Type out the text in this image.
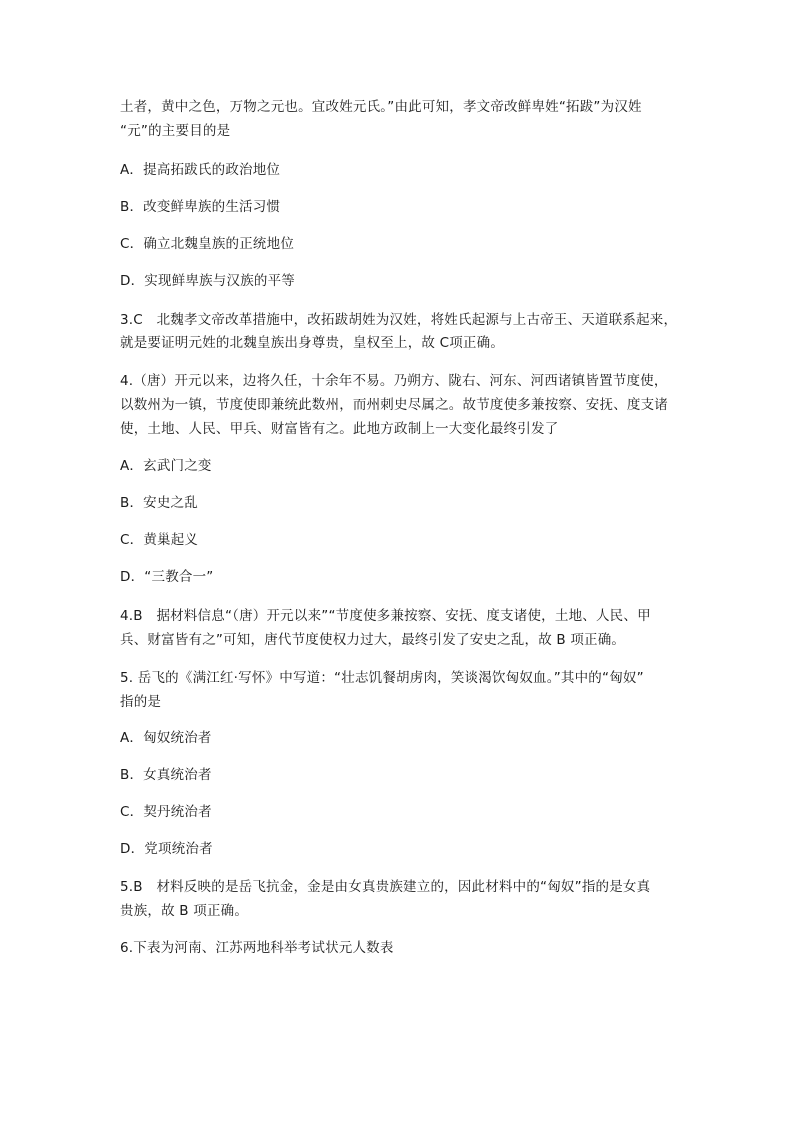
土者，黄中之色，万物之元也。宜改姓元氏。”由此可知，孝文帝改鲜卑姓“拓跋”为汉姓
“元”的主要目的是
A．提高拓跋氏的政治地位
B．改变鲜卑族的生活习惯
C．确立北魏皇族的正统地位
D．实现鲜卑族与汉族的平等
3.C　北魏孝文帝改革措施中，改拓跋胡姓为汉姓，将姓氏起源与上古帝王、天道联系起来，
就是要证明元姓的北魏皇族出身尊贵，皇权至上，故 C项正确。
4.（唐）开元以来，边将久任，十余年不易。乃朔方、陇右、河东、河西诸镇皆置节度使，
以数州为一镇，节度使即兼统此数州，而州刺史尽属之。故节度使多兼按察、安抚、度支诸
使，土地、人民、甲兵、财富皆有之。此地方政制上一大变化最终引发了
A．玄武门之变
B．安史之乱
C．黄巢起义
D．“三教合一”
4.B　据材料信息“（唐）开元以来”“节度使多兼按察、安抚、度支诸使，土地、人民、甲
兵、财富皆有之”可知，唐代节度使权力过大，最终引发了安史之乱，故 B 项正确。
5. 岳飞的《满江红·写怀》中写道：“壮志饥餐胡虏肉，笑谈渴饮匈奴血。”其中的“匈奴”
指的是
A．匈奴统治者
B．女真统治者
C．契丹统治者
D．党项统治者
5.B　材料反映的是岳飞抗金，金是由女真贵族建立的，因此材料中的“匈奴”指的是女真
贵族，故 B 项正确。
6.下表为河南、江苏两地科举考试状元人数表
